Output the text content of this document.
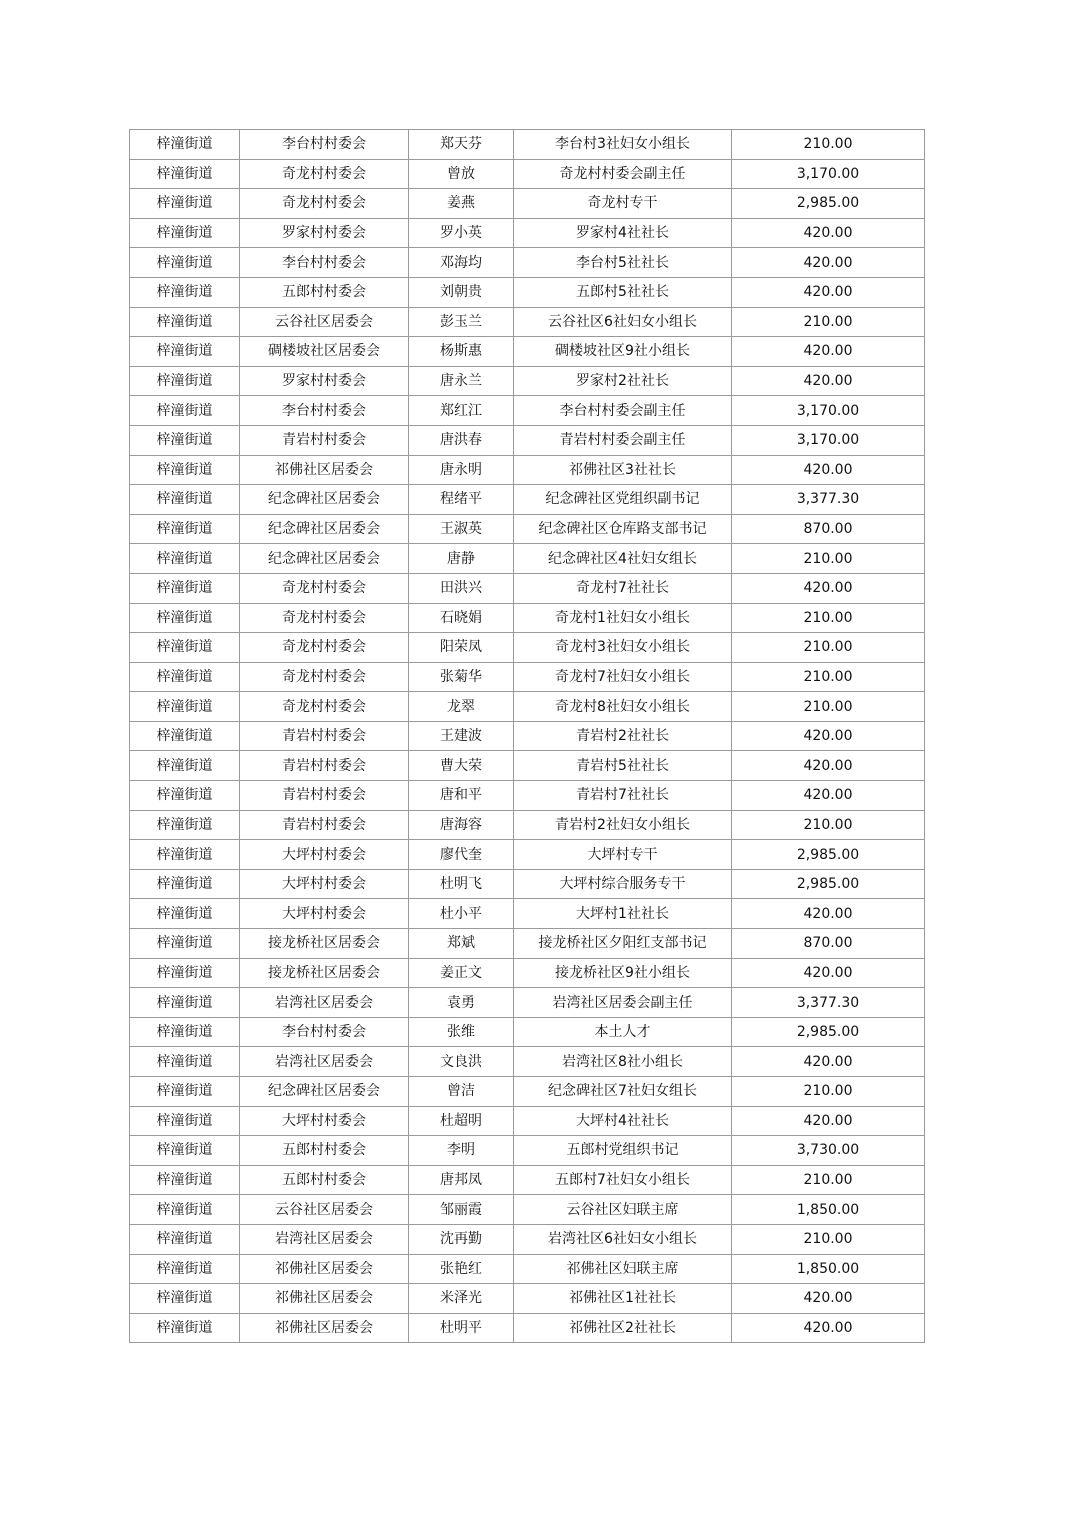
梓潼街道	李台村村委会	郑天芬	李台村3社妇女小组长	210.00
梓潼街道	奇龙村村委会	曾放	奇龙村村委会副主任	3,170.00
梓潼街道	奇龙村村委会	姜燕	奇龙村专干	2,985.00
梓潼街道	罗家村村委会	罗小英	罗家村4社社长	420.00
梓潼街道	李台村村委会	邓海均	李台村5社社长	420.00
梓潼街道	五郎村村委会	刘朝贵	五郎村5社社长	420.00
梓潼街道	云谷社区居委会	彭玉兰	云谷社区6社妇女小组长	210.00
梓潼街道	碉楼坡社区居委会	杨斯惠	碉楼坡社区9社小组长	420.00
梓潼街道	罗家村村委会	唐永兰	罗家村2社社长	420.00
梓潼街道	李台村村委会	郑红江	李台村村委会副主任	3,170.00
梓潼街道	青岩村村委会	唐洪春	青岩村村委会副主任	3,170.00
梓潼街道	祁佛社区居委会	唐永明	祁佛社区3社社长	420.00
梓潼街道	纪念碑社区居委会	程绪平	纪念碑社区党组织副书记	3,377.30
梓潼街道	纪念碑社区居委会	王淑英	纪念碑社区仓库路支部书记	870.00
梓潼街道	纪念碑社区居委会	唐静	纪念碑社区4社妇女组长	210.00
梓潼街道	奇龙村村委会	田洪兴	奇龙村7社社长	420.00
梓潼街道	奇龙村村委会	石晓娟	奇龙村1社妇女小组长	210.00
梓潼街道	奇龙村村委会	阳荣凤	奇龙村3社妇女小组长	210.00
梓潼街道	奇龙村村委会	张菊华	奇龙村7社妇女小组长	210.00
梓潼街道	奇龙村村委会	龙翠	奇龙村8社妇女小组长	210.00
梓潼街道	青岩村村委会	王建波	青岩村2社社长	420.00
梓潼街道	青岩村村委会	曹大荣	青岩村5社社长	420.00
梓潼街道	青岩村村委会	唐和平	青岩村7社社长	420.00
梓潼街道	青岩村村委会	唐海容	青岩村2社妇女小组长	210.00
梓潼街道	大坪村村委会	廖代奎	大坪村专干	2,985.00
梓潼街道	大坪村村委会	杜明飞	大坪村综合服务专干	2,985.00
梓潼街道	大坪村村委会	杜小平	大坪村1社社长	420.00
梓潼街道	接龙桥社区居委会	郑斌	接龙桥社区夕阳红支部书记	870.00
梓潼街道	接龙桥社区居委会	姜正文	接龙桥社区9社小组长	420.00
梓潼街道	岩湾社区居委会	袁勇	岩湾社区居委会副主任	3,377.30
梓潼街道	李台村村委会	张维	本土人才	2,985.00
梓潼街道	岩湾社区居委会	文良洪	岩湾社区8社小组长	420.00
梓潼街道	纪念碑社区居委会	曾洁	纪念碑社区7社妇女组长	210.00
梓潼街道	大坪村村委会	杜超明	大坪村4社社长	420.00
梓潼街道	五郎村村委会	李明	五郎村党组织书记	3,730.00
梓潼街道	五郎村村委会	唐邦凤	五郎村7社妇女小组长	210.00
梓潼街道	云谷社区居委会	邹丽霞	云谷社区妇联主席	1,850.00
梓潼街道	岩湾社区居委会	沈再勤	岩湾社区6社妇女小组长	210.00
梓潼街道	祁佛社区居委会	张艳红	祁佛社区妇联主席	1,850.00
梓潼街道	祁佛社区居委会	米泽光	祁佛社区1社社长	420.00
梓潼街道	祁佛社区居委会	杜明平	祁佛社区2社社长	420.00
